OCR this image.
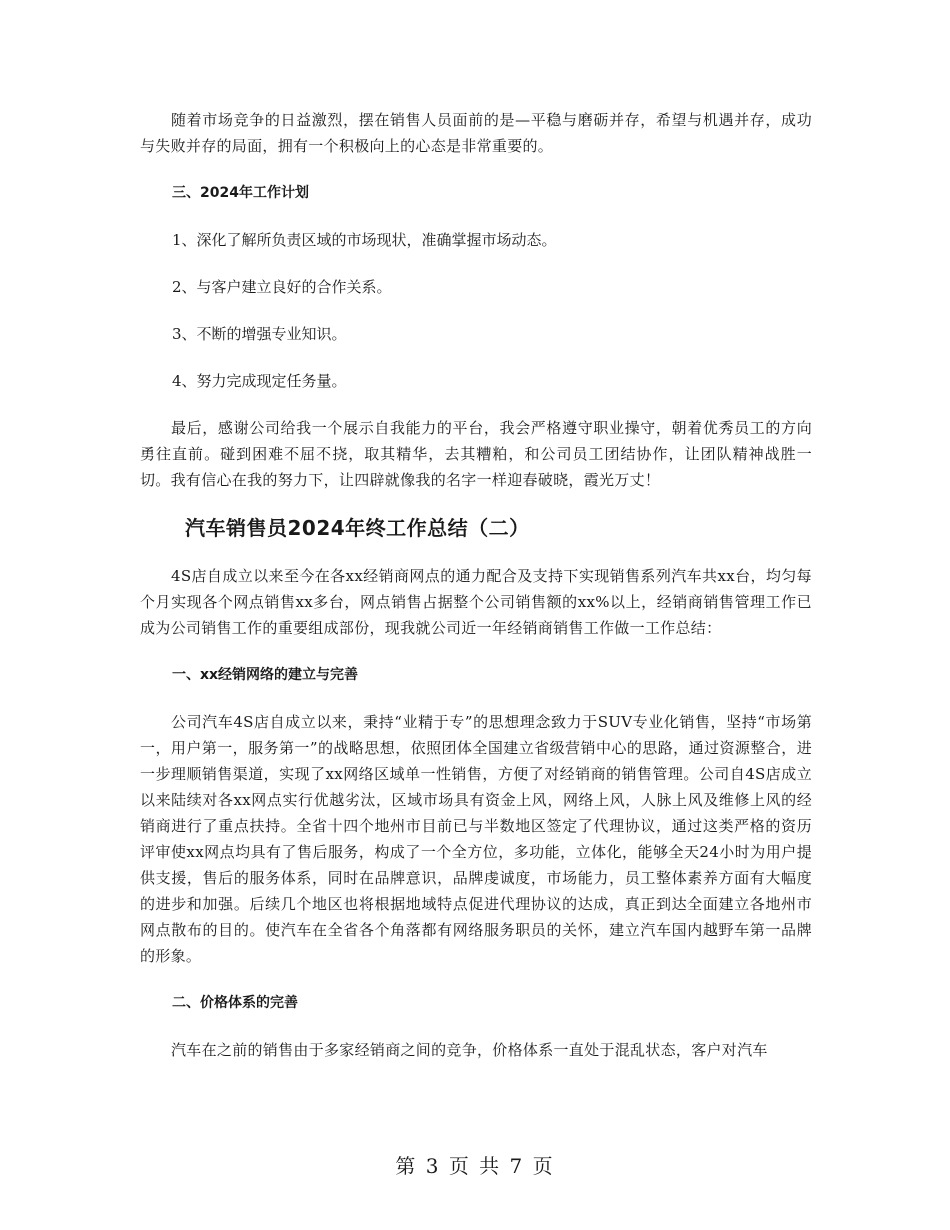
随着市场竞争的日益激烈，摆在销售人员面前的是—平稳与磨砺并存，希望与机遇并存，成功与失败并存的局面，拥有一个积极向上的心态是非常重要的。

三、2024年工作计划

1、深化了解所负责区域的市场现状，准确掌握市场动态。

2、与客户建立良好的合作关系。

3、不断的增强专业知识。

4、努力完成现定任务量。

最后，感谢公司给我一个展示自我能力的平台，我会严格遵守职业操守，朝着优秀员工的方向勇往直前。碰到困难不屈不挠，取其精华，去其糟粕，和公司员工团结协作，让团队精神战胜一切。我有信心在我的努力下，让四辟就像我的名字一样迎春破晓，霞光万丈！

汽车销售员2024年终工作总结（二）

4S店自成立以来至今在各xx经销商网点的通力配合及支持下实现销售系列汽车共xx台，均匀每个月实现各个网点销售xx多台，网点销售占据整个公司销售额的xx%以上，经销商销售管理工作已成为公司销售工作的重要组成部份，现我就公司近一年经销商销售工作做一工作总结：

一、xx经销网络的建立与完善

公司汽车4S店自成立以来，秉持“业精于专”的思想理念致力于SUV专业化销售，坚持“市场第一，用户第一，服务第一”的战略思想，依照团体全国建立省级营销中心的思路，通过资源整合，进一步理顺销售渠道，实现了xx网络区域单一性销售，方便了对经销商的销售管理。公司自4S店成立以来陆续对各xx网点实行优越劣汰，区域市场具有资金上风，网络上风，人脉上风及维修上风的经销商进行了重点扶持。全省十四个地州市目前已与半数地区签定了代理协议，通过这类严格的资历评审使xx网点均具有了售后服务，构成了一个全方位，多功能，立体化，能够全天24小时为用户提供支援，售后的服务体系，同时在品牌意识，品牌虔诚度，市场能力，员工整体素养方面有大幅度的进步和加强。后续几个地区也将根据地域特点促进代理协议的达成，真正到达全面建立各地州市网点散布的目的。使汽车在全省各个角落都有网络服务职员的关怀，建立汽车国内越野车第一品牌的形象。

二、价格体系的完善

汽车在之前的销售由于多家经销商之间的竞争，价格体系一直处于混乱状态，客户对汽车

第 3 页 共 7 页
